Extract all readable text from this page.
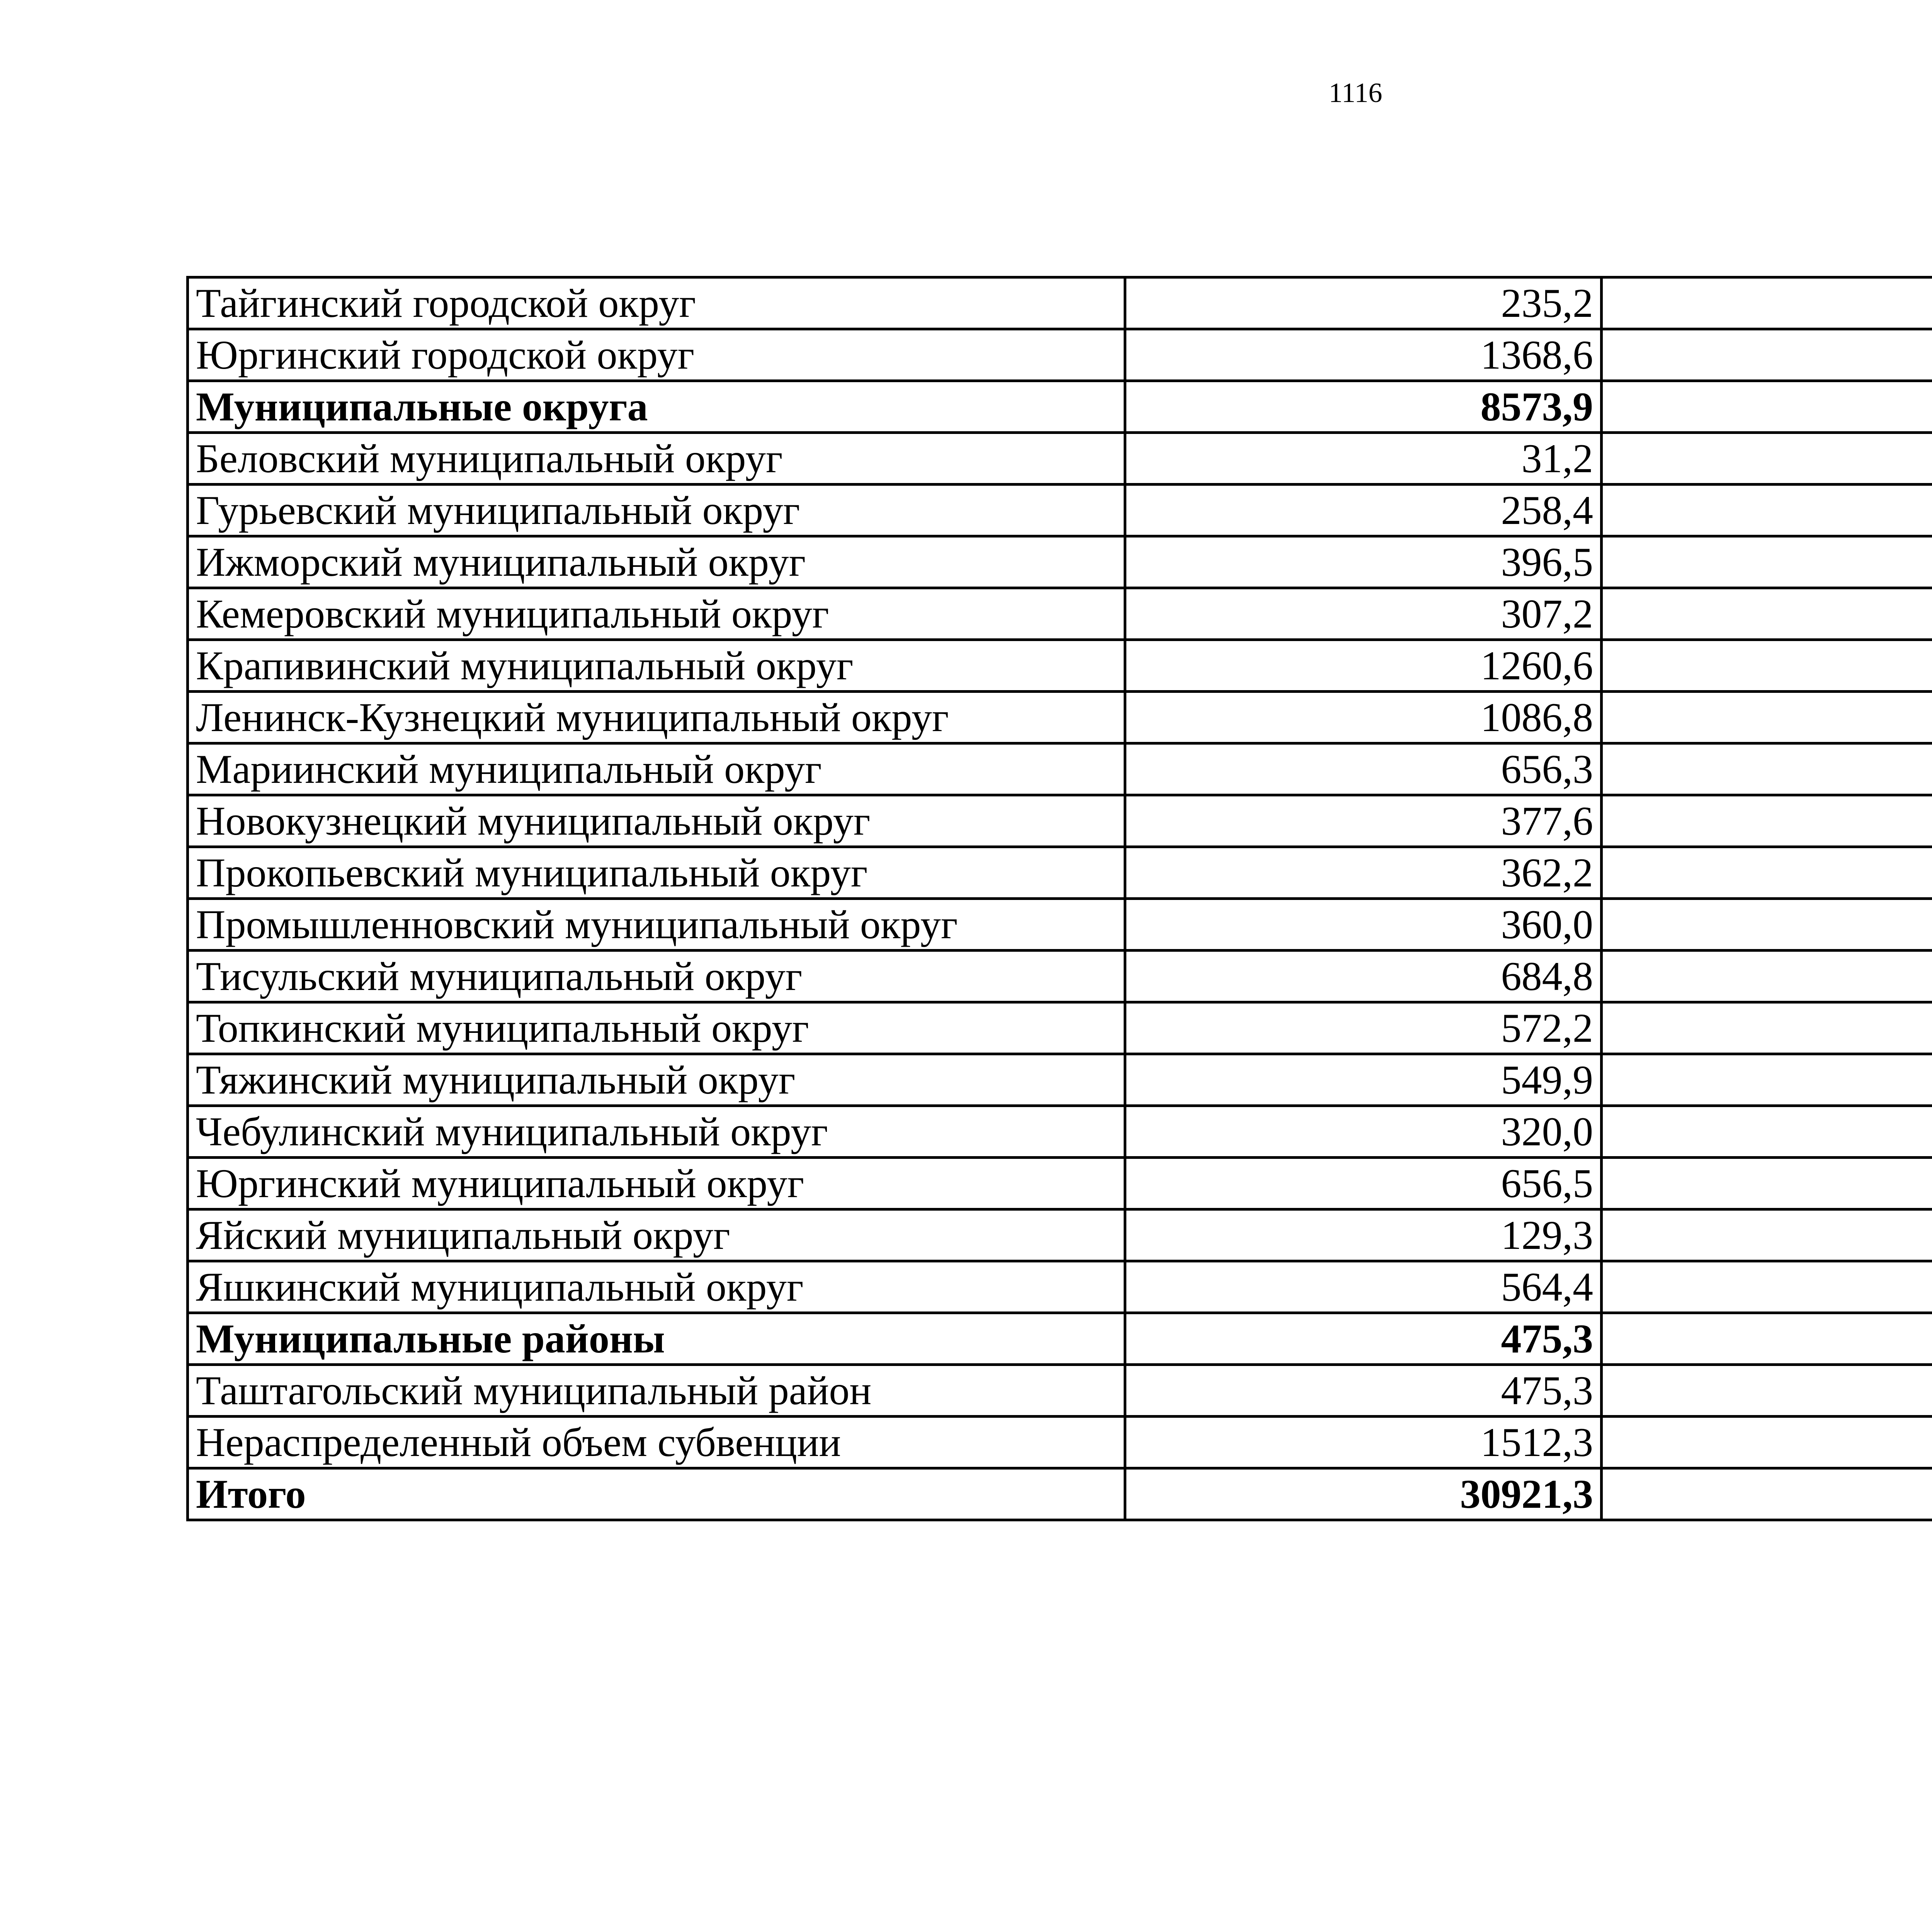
1116
Тайгинский городской округ	235,2		
Юргинский городской округ	1368,6		
Муниципальные округа	8573,9		
Беловский муниципальный округ	31,2		
Гурьевский муниципальный округ	258,4		
Ижморский муниципальный округ	396,5		
Кемеровский муниципальный округ	307,2		
Крапивинский муниципальный округ	1260,6		
Ленинск-Кузнецкий муниципальный округ	1086,8		
Мариинский муниципальный округ	656,3		
Новокузнецкий муниципальный округ	377,6		
Прокопьевский муниципальный округ	362,2		
Промышленновский муниципальный округ	360,0		
Тисульский муниципальный округ	684,8		
Топкинский муниципальный округ	572,2		
Тяжинский муниципальный округ	549,9		
Чебулинский муниципальный округ	320,0		
Юргинский муниципальный округ	656,5		
Яйский муниципальный округ	129,3		
Яшкинский муниципальный округ	564,4		
Муниципальные районы	475,3		
Таштагольский муниципальный район	475,3		
Нераспределенный объем субвенции	1512,3		
Итого	30921,3		
